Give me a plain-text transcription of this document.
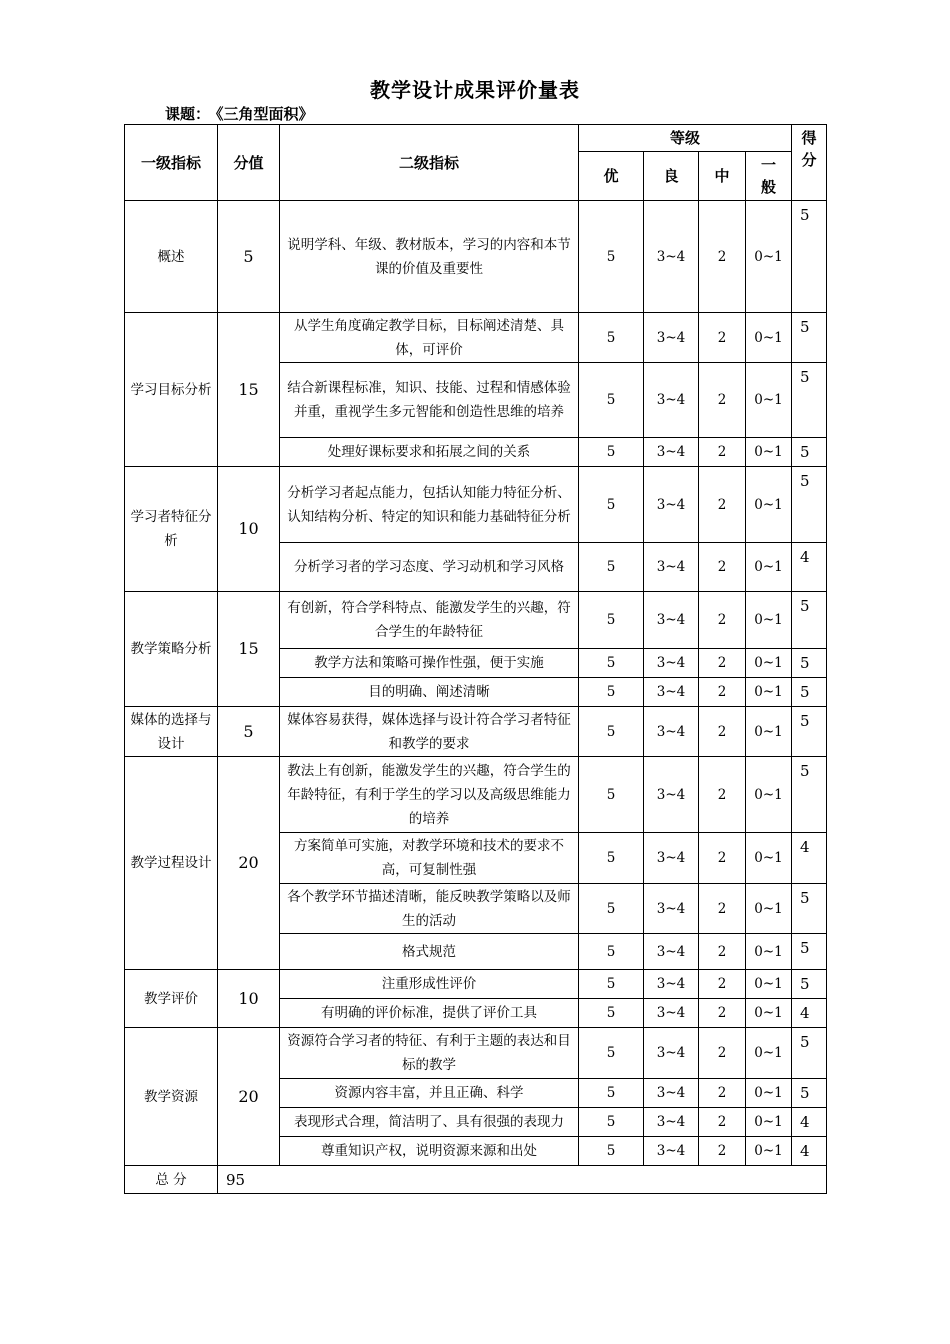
教学设计成果评价量表
课题： 《三角型面积》
一级指标	分值	二级指标	等级				得
分
			优	良	中	一
般	
概述	5	说明学科、年级、教材版本，学习的内容和本节课的价值及重要性	5	3~4	2	0~1	5
学习目标分析	15	从学生角度确定教学目标，目标阐述清楚、具体，可评价	5	3~4	2	0~1	5
		结合新课程标准，知识、技能、过程和情感体验并重，重视学生多元智能和创造性思维的培养	5	3~4	2	0~1	5
		处理好课标要求和拓展之间的关系	5	3~4	2	0~1	5
学习者特征分析	10	分析学习者起点能力，包括认知能力特征分析、认知结构分析、特定的知识和能力基础特征分析	5	3~4	2	0~1	5
		分析学习者的学习态度、学习动机和学习风格	5	3~4	2	0~1	4
教学策略分析	15	有创新，符合学科特点、能激发学生的兴趣，符合学生的年龄特征	5	3~4	2	0~1	5
		教学方法和策略可操作性强，便于实施	5	3~4	2	0~1	5
		目的明确、阐述清晰	5	3~4	2	0~1	5
媒体的选择与设计	5	媒体容易获得，媒体选择与设计符合学习者特征和教学的要求	5	3~4	2	0~1	5
教学过程设计	20	教法上有创新，能激发学生的兴趣，符合学生的年龄特征，有利于学生的学习以及高级思维能力的培养	5	3~4	2	0~1	5
		方案简单可实施，对教学环境和技术的要求不高，可复制性强	5	3~4	2	0~1	4
		各个教学环节描述清晰，能反映教学策略以及师生的活动	5	3~4	2	0~1	5
		格式规范	5	3~4	2	0~1	5
教学评价	10	注重形成性评价	5	3~4	2	0~1	5
		有明确的评价标准，提供了评价工具	5	3~4	2	0~1	4
教学资源	20	资源符合学习者的特征、有利于主题的表达和目标的教学	5	3~4	2	0~1	5
		资源内容丰富，并且正确、科学	5	3~4	2	0~1	5
		表现形式合理，简洁明了、具有很强的表现力	5	3~4	2	0~1	4
		尊重知识产权，说明资源来源和出处	5	3~4	2	0~1	4
总 分	95						
